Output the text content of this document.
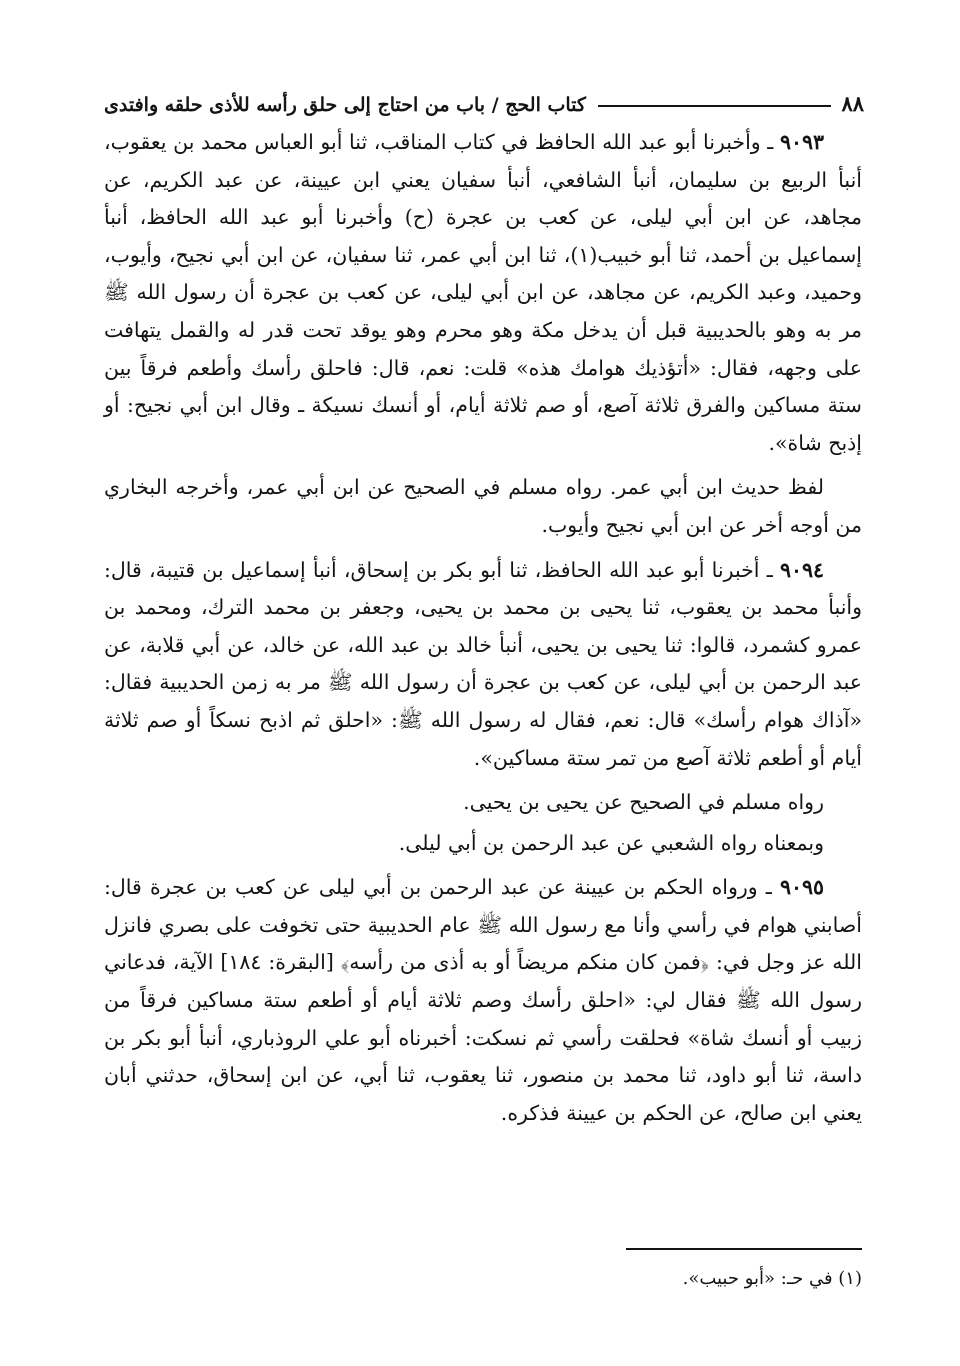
٨٨
كتاب الحج / باب من احتاج إلى حلق رأسه للأذى حلقه وافتدى

٩٠٩٣ ـ وأخبرنا أبو عبد الله الحافظ في كتاب المناقب، ثنا أبو العباس محمد بن يعقوب، أنبأ الربيع بن سليمان، أنبأ الشافعي، أنبأ سفيان يعني ابن عيينة، عن عبد الكريم، عن مجاهد، عن ابن أبي ليلى، عن كعب بن عجرة (ح) وأخبرنا أبو عبد الله الحافظ، أنبأ إسماعيل بن أحمد، ثنا أبو خبيب(١)، ثنا ابن أبي عمر، ثنا سفيان، عن ابن أبي نجيح، وأيوب، وحميد، وعبد الكريم، عن مجاهد، عن ابن أبي ليلى، عن كعب بن عجرة أن رسول الله ﷺ مر به وهو بالحديبية قبل أن يدخل مكة وهو محرم وهو يوقد تحت قدر له والقمل يتهافت على وجهه، فقال: «أتؤذيك هوامك هذه» قلت: نعم، قال: فاحلق رأسك وأطعم فرقاً بين ستة مساكين والفرق ثلاثة آصع، أو صم ثلاثة أيام، أو أنسك نسيكة ـ وقال ابن أبي نجيح: أو إذبح شاة».

لفظ حديث ابن أبي عمر. رواه مسلم في الصحيح عن ابن أبي عمر، وأخرجه البخاري من أوجه أخر عن ابن أبي نجيح وأيوب.

٩٠٩٤ ـ أخبرنا أبو عبد الله الحافظ، ثنا أبو بكر بن إسحاق، أنبأ إسماعيل بن قتيبة، قال: وأنبأ محمد بن يعقوب، ثنا يحيى بن محمد بن يحيى، وجعفر بن محمد الترك، ومحمد بن عمرو كشمرد، قالوا: ثنا يحيى بن يحيى، أنبأ خالد بن عبد الله، عن خالد، عن أبي قلابة، عن عبد الرحمن بن أبي ليلى، عن كعب بن عجرة أن رسول الله ﷺ مر به زمن الحديبية فقال: «آذاك هوام رأسك» قال: نعم، فقال له رسول الله ﷺ: «احلق ثم اذبح نسكاً أو صم ثلاثة أيام أو أطعم ثلاثة آصع من تمر ستة مساكين».

رواه مسلم في الصحيح عن يحيى بن يحيى.

وبمعناه رواه الشعبي عن عبد الرحمن بن أبي ليلى.

٩٠٩٥ ـ ورواه الحكم بن عيينة عن عبد الرحمن بن أبي ليلى عن كعب بن عجرة قال: أصابني هوام في رأسي وأنا مع رسول الله ﷺ عام الحديبية حتى تخوفت على بصري فانزل الله عز وجل في: ﴿فمن كان منكم مريضاً أو به أذى من رأسه﴾ [البقرة: ١٨٤] الآية، فدعاني رسول الله ﷺ فقال لي: «احلق رأسك وصم ثلاثة أيام أو أطعم ستة مساكين فرقاً من زبيب أو أنسك شاة» فحلقت رأسي ثم نسكت: أخبرناه أبو علي الروذباري، أنبأ أبو بكر بن داسة، ثنا أبو داود، ثنا محمد بن منصور، ثنا يعقوب، ثنا أبي، عن ابن إسحاق، حدثني أبان يعني ابن صالح، عن الحكم بن عيينة فذكره.

(١) في حـ: «أبو حبيب».
